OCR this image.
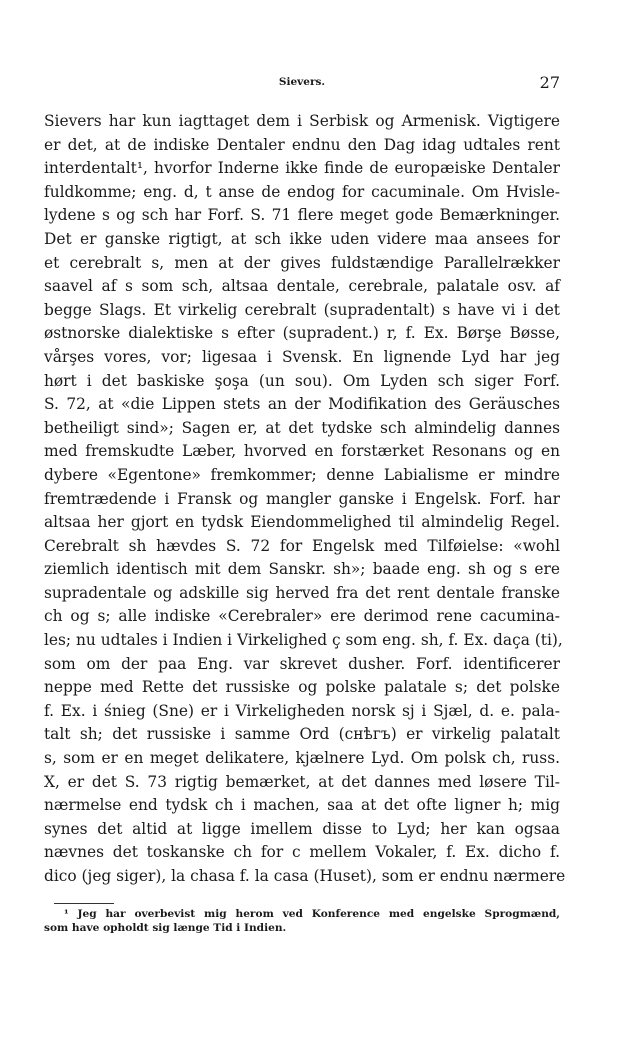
Sievers.	27
Sievers har kun iagttaget dem i Serbisk og Armenisk. Vigtigere
er det, at de indiske Dentaler endnu den Dag idag udtales rent
interdentalt¹, hvorfor Inderne ikke finde de europæiske Dentaler
fuldkomme; eng. d, t anse de endog for cacuminale. Om Hvisle-
lydene s og sch har Forf. S. 71 flere meget gode Bemærkninger.
Det er ganske rigtigt, at sch ikke uden videre maa ansees for
et cerebralt s, men at der gives fuldstændige Parallelrækker
saavel af s som sch, altsaa dentale, cerebrale, palatale osv. af
begge Slags. Et virkelig cerebralt (supradentalt) s have vi i det
østnorske dialektiske s efter (supradent.) r, f. Ex. Børşe Bøsse,
vårşes vores, vor; ligesaa i Svensk. En lignende Lyd har jeg
hørt i det baskiske şoşa (un sou). Om Lyden sch siger Forf.
S. 72, at «die Lippen stets an der Modifikation des Geräusches
betheiligt sind»; Sagen er, at det tydske sch almindelig dannes
med fremskudte Læber, hvorved en forstærket Resonans og en
dybere «Egentone» fremkommer; denne Labialisme er mindre
fremtrædende i Fransk og mangler ganske i Engelsk. Forf. har
altsaa her gjort en tydsk Eiendommelighed til almindelig Regel.
Cerebralt sh hævdes S. 72 for Engelsk med Tilføielse: «wohl
ziemlich identisch mit dem Sanskr. sh»; baade eng. sh og s ere
supradentale og adskille sig herved fra det rent dentale franske
ch og s; alle indiske «Cerebraler» ere derimod rene cacumina-
les; nu udtales i Indien i Virkelighed ç som eng. sh, f. Ex. daça (ti),
som om der paa Eng. var skrevet dusher. Forf. identificerer
neppe med Rette det russiske og polske palatale s; det polske
f. Ex. i śnieg (Sne) er i Virkeligheden norsk sj i Sjæl, d. e. pala-
talt sh; det russiske i samme Ord (снѣгъ) er virkelig palatalt
s, som er en meget delikatere, kjælnere Lyd. Om polsk ch, russ.
X, er det S. 73 rigtig bemærket, at det dannes med løsere Til-
nærmelse end tydsk ch i machen, saa at det ofte ligner h; mig
synes det altid at ligge imellem disse to Lyd; her kan ogsaa
nævnes det toskanske ch for c mellem Vokaler, f. Ex. dicho f.
dico (jeg siger), la chasa f. la casa (Huset), som er endnu nærmere
¹ Jeg har overbevist mig herom ved Konference med engelske Sprogmænd,
som have opholdt sig længe Tid i Indien.
